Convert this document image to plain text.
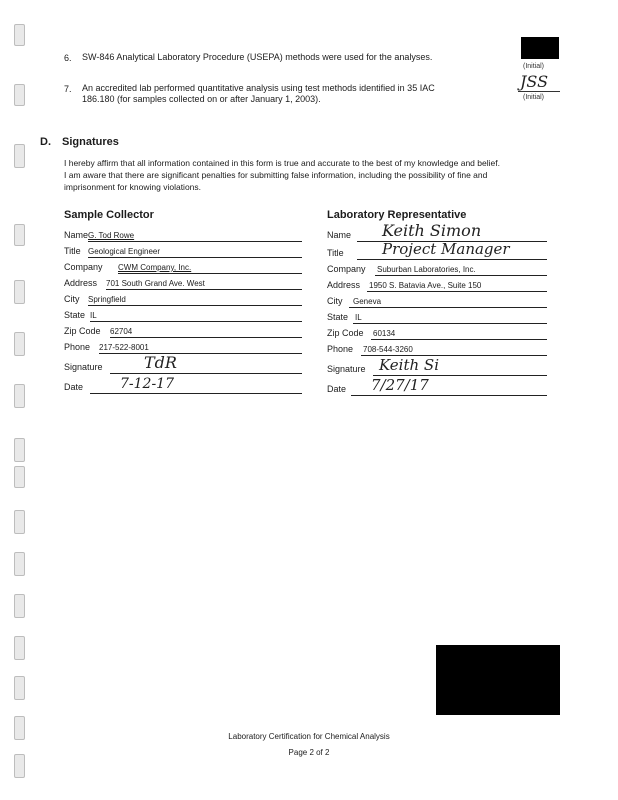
6. SW-846 Analytical Laboratory Procedure (USEPA) methods were used for the analyses.
(Initial)
7. An accredited lab performed quantitative analysis using test methods identified in 35 IAC
186.180 (for samples collected on or after January 1, 2003).
JSS
(Initial)
D. Signatures
I hereby affirm that all information contained in this form is true and accurate to the best of my knowledge and belief.
I am aware that there are significant penalties for submitting false information, including the possibility of fine and
imprisonment for knowing violations.
Sample Collector
Name G. Tod Rowe
Title Geological Engineer
Company CWM Company, Inc.
Address 701 South Grand Ave. West
City Springfield
State IL
Zip Code 62704
Phone 217-522-8001
Signature	TdR
Date	7-12-17
Laboratory Representative
Name Keith Simon
Title	Project Manager
Company Suburban Laboratories, Inc.
Address 1950 S. Batavia Ave., Suite 150
City Geneva
State IL
Zip Code 60134
Phone 708-544-3260
Signature Keith Si
Date 7/27/17
Laboratory Certification for Chemical Analysis
Page 2 of 2
